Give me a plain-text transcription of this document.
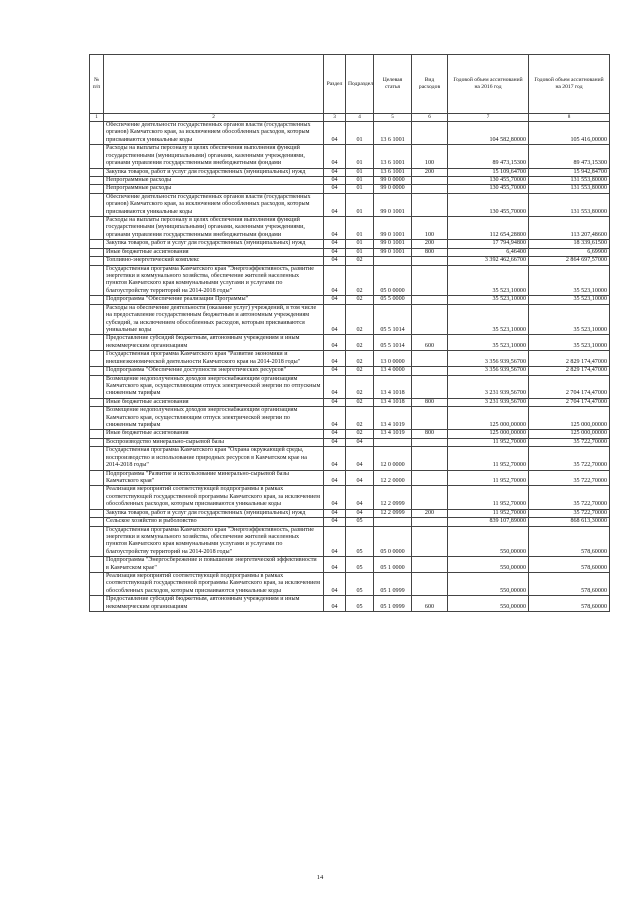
№ п/п		Раздел	Подраздел	Целевая статья	Вид расходов	Годовой объем ассигнований на 2016 год	Годовой объем ассигнований на 2017 год
1	2	3	4	5	6	7	8
	Обеспечение деятельности государственных органов власти (государственных органов) Камчатского края, за исключением обособленных расходов, которым присваиваются уникальные коды	04	01	13 6 1001		104 582,80000	105 416,00000
	Расходы на выплаты персоналу в целях обеспечения выполнения функций государственными (муниципальными) органами, казенными учреждениями, органами управления государственными внебюджетными фондами	04	01	13 6 1001	100	89 473,15300	89 473,15300
	Закупка товаров, работ и услуг для государственных (муниципальных) нужд	04	01	13 6 1001	200	15 109,64700	15 942,84700
	Непрограммные расходы	04	01	99 0 0000		130 455,70000	131 553,80000
	Непрограммные расходы	04	01	99 0 0000		130 455,70000	131 553,80000
	Обеспечение деятельности государственных органов власти (государственных органов) Камчатского края, за исключением обособленных расходов, которым присваиваются уникальные коды	04	01	99 0 1001		130 455,70000	131 553,80000
	Расходы на выплаты персоналу в целях обеспечения выполнения функций государственными (муниципальными) органами, казенными учреждениями, органами управления государственными внебюджетными фондами	04	01	99 0 1001	100	112 654,28800	113 207,48600
	Закупка товаров, работ и услуг для государственных (муниципальных) нужд	04	01	99 0 1001	200	17 794,94800	18 339,61500
	Иные бюджетные ассигнования	04	01	99 0 1001	800	6,46400	6,69900
	Топливно-энергетический комплекс	04	02			3 392 462,66700	2 864 697,57000
	Государственная программа Камчатского края "Энергоэффективность, развитие энергетики и коммунального хозяйства, обеспечение жителей населенных пунктов Камчатского края коммунальными услугами и услугами по благоустройству территорий на 2014-2018 годы"	04	02	05 0 0000		35 523,10000	35 523,10000
	Подпрограмма "Обеспечение реализации Программы"	04	02	05 5 0000		35 523,10000	35 523,10000
	Расходы на обеспечение деятельности (оказание услуг) учреждений, в том числе на предоставление государственным бюджетным и автономным учреждениям субсидий, за исключением обособленных расходов, которым присваиваются уникальные коды	04	02	05 5 1014		35 523,10000	35 523,10000
	Предоставление субсидий бюджетным, автономным учреждениям и иным некоммерческим организациям	04	02	05 5 1014	600	35 523,10000	35 523,10000
	Государственная программа Камчатского края "Развитие экономики и внешнеэкономической деятельности Камчатского края на 2014-2018 годы"	04	02	13 0 0000		3 356 939,56700	2 829 174,47000
	Подпрограмма "Обеспечение доступности энергетических ресурсов"	04	02	13 4 0000		3 356 939,56700	2 829 174,47000
	Возмещение недополученных доходов энергоснабжающим организациям Камчатского края, осуществляющим отпуск электрической энергии по отпускным сниженным тарифам	04	02	13 4 1018		3 231 939,56700	2 704 174,47000
	Иные бюджетные ассигнования	04	02	13 4 1018	800	3 231 939,56700	2 704 174,47000
	Возмещение недополученных доходов энергоснабжающим организациям Камчатского края, осуществляющим отпуск электрической энергии по сниженным тарифам	04	02	13 4 1019		125 000,00000	125 000,00000
	Иные бюджетные ассигнования	04	02	13 4 1019	800	125 000,00000	125 000,00000
	Воспроизводство минерально-сырьевой базы	04	04			11 952,70000	35 722,70000
	Государственная программа Камчатского края "Охрана окружающей среды, воспроизводство и использование природных ресурсов в Камчатском крае на 2014-2018 годы"	04	04	12 0 0000		11 952,70000	35 722,70000
	Подпрограмма "Развитие и использование минерально-сырьевой базы Камчатского края"	04	04	12 2 0000		11 952,70000	35 722,70000
	Реализация мероприятий соответствующей подпрограммы в рамках соответствующей государственной программы Камчатского края, за исключением обособленных расходов, которым присваиваются уникальные коды	04	04	12 2 0999		11 952,70000	35 722,70000
	Закупка товаров, работ и услуг для государственных (муниципальных) нужд	04	04	12 2 0999	200	11 952,70000	35 722,70000
	Сельское хозяйство и рыболовство	04	05			839 107,89000	868 613,30000
	Государственная программа Камчатского края "Энергоэффективность, развитие энергетики и коммунального хозяйства, обеспечение жителей населенных пунктов Камчатского края коммунальными услугами и услугами по благоустройству территорий на 2014-2018 годы"	04	05	05 0 0000		550,00000	578,60000
	Подпрограмма "Энергосбережение и повышение энергетической эффективности в Камчатском крае"	04	05	05 1 0000		550,00000	578,60000
	Реализация мероприятий соответствующей подпрограммы в рамках соответствующей государственной программы Камчатского края, за исключением обособленных расходов, которым присваиваются уникальные коды	04	05	05 1 0999		550,00000	578,60000
	Предоставление субсидий бюджетным, автономным учреждениям и иным некоммерческим организациям	04	05	05 1 0999	600	550,00000	578,60000
14
